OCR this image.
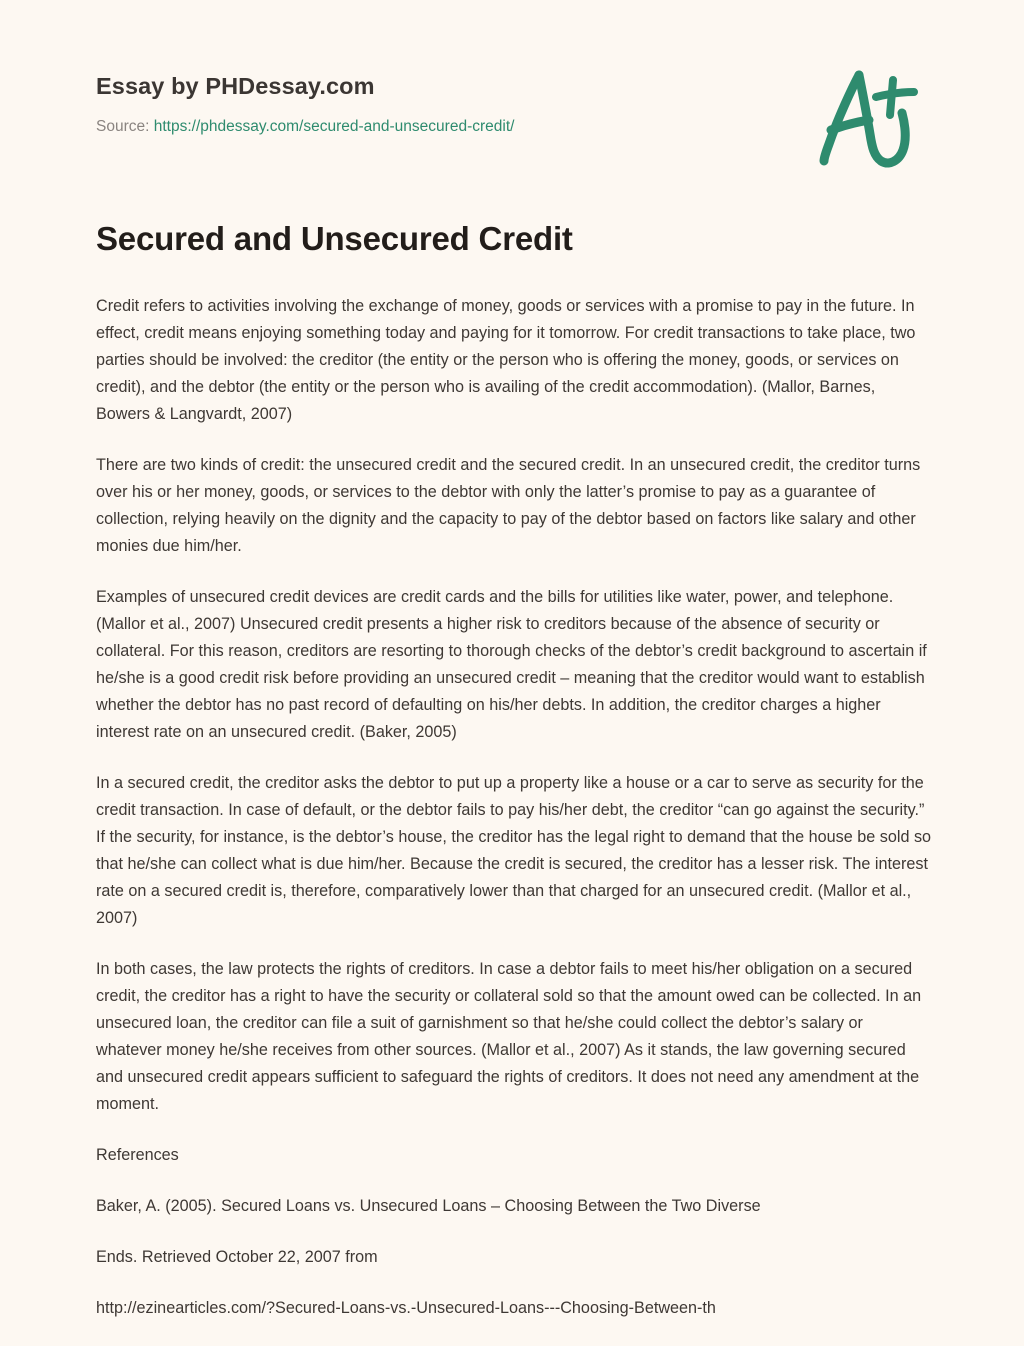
Essay by PHDessay.com
Source: https://phdessay.com/secured-and-unsecured-credit/
Secured and Unsecured Credit

Credit refers to activities involving the exchange of money, goods or services with a promise to pay in the future. In effect, credit means enjoying something today and paying for it tomorrow. For credit transactions to take place, two parties should be involved: the creditor (the entity or the person who is offering the money, goods, or services on credit), and the debtor (the entity or the person who is availing of the credit accommodation). (Mallor, Barnes, Bowers & Langvardt, 2007)

There are two kinds of credit: the unsecured credit and the secured credit. In an unsecured credit, the creditor turns over his or her money, goods, or services to the debtor with only the latter’s promise to pay as a guarantee of collection, relying heavily on the dignity and the capacity to pay of the debtor based on factors like salary and other monies due him/her.

Examples of unsecured credit devices are credit cards and the bills for utilities like water, power, and telephone. (Mallor et al., 2007) Unsecured credit presents a higher risk to creditors because of the absence of security or collateral. For this reason, creditors are resorting to thorough checks of the debtor’s credit background to ascertain if he/she is a good credit risk before providing an unsecured credit – meaning that the creditor would want to establish whether the debtor has no past record of defaulting on his/her debts. In addition, the creditor charges a higher interest rate on an unsecured credit. (Baker, 2005)

In a secured credit, the creditor asks the debtor to put up a property like a house or a car to serve as security for the credit transaction. In case of default, or the debtor fails to pay his/her debt, the creditor “can go against the security.” If the security, for instance, is the debtor’s house, the creditor has the legal right to demand that the house be sold so that he/she can collect what is due him/her. Because the credit is secured, the creditor has a lesser risk. The interest rate on a secured credit is, therefore, comparatively lower than that charged for an unsecured credit. (Mallor et al., 2007)

In both cases, the law protects the rights of creditors. In case a debtor fails to meet his/her obligation on a secured credit, the creditor has a right to have the security or collateral sold so that the amount owed can be collected. In an unsecured loan, the creditor can file a suit of garnishment so that he/she could collect the debtor’s salary or whatever money he/she receives from other sources. (Mallor et al., 2007) As it stands, the law governing secured and unsecured credit appears sufficient to safeguard the rights of creditors. It does not need any amendment at the moment.

References

Baker, A. (2005). Secured Loans vs. Unsecured Loans – Choosing Between the Two Diverse

Ends. Retrieved October 22, 2007 from

http://ezinearticles.com/?Secured-Loans-vs.-Unsecured-Loans---Choosing-Between-th
